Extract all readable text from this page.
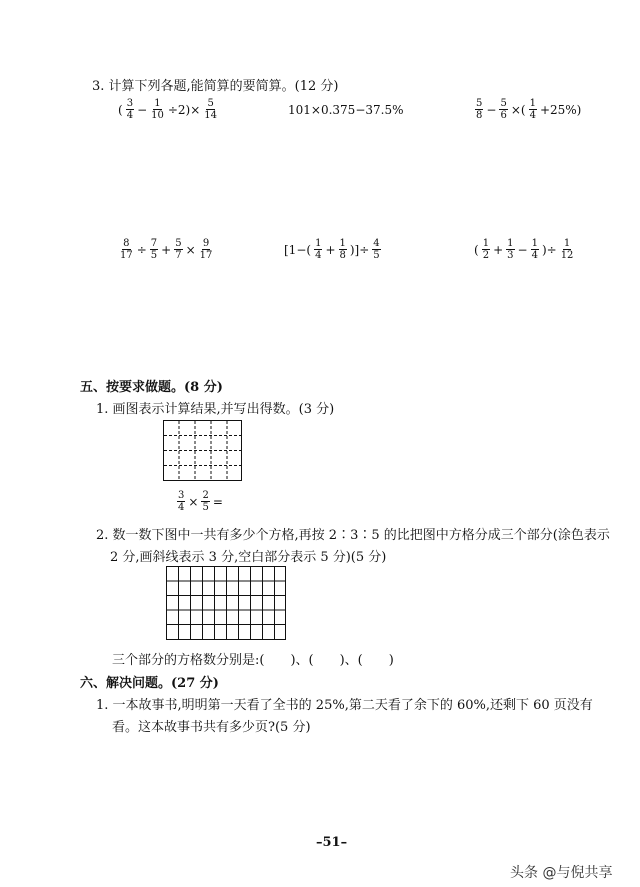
3. 计算下列各题,能简算的要简算。(12 分)
( $\frac{3}{4} - \frac{1}{10} \div 2)\times \frac{5}{14}$	101×0.375−37.5%	$\frac{5}{8} - \frac{5}{6}$ ×( $\frac{1}{4} +25\%$)
$\frac{8}{17} \div \frac{7}{5} + \frac{5}{7} \times \frac{9}{17}$	[$1-( \frac{1}{4} + \frac{1}{8}$ )]÷ $\frac{4}{5}$	( $\frac{1}{2} + \frac{1}{3} - \frac{1}{4}$ )÷ $\frac{1}{12}$
五、按要求做题。(8 分)
1. 画图表示计算结果,并写出得数。(3 分)
$\frac{3}{4} \times \frac{2}{5}$ =
2. 数一数下图中一共有多少个方格,再按 2∶3∶5 的比把图中方格分成三个部分(涂色表示
2 分,画斜线表示 3 分,空白部分表示 5 分)(5 分)
三个部分的方格数分别是:( )、( )、( )
六、解决问题。(27 分)
1. 一本故事书,明明第一天看了全书的 25%,第二天看了余下的 60%,还剩下 60 页没有
看。这本故事书共有多少页?(5 分)
–51–
头条 @与倪共享
